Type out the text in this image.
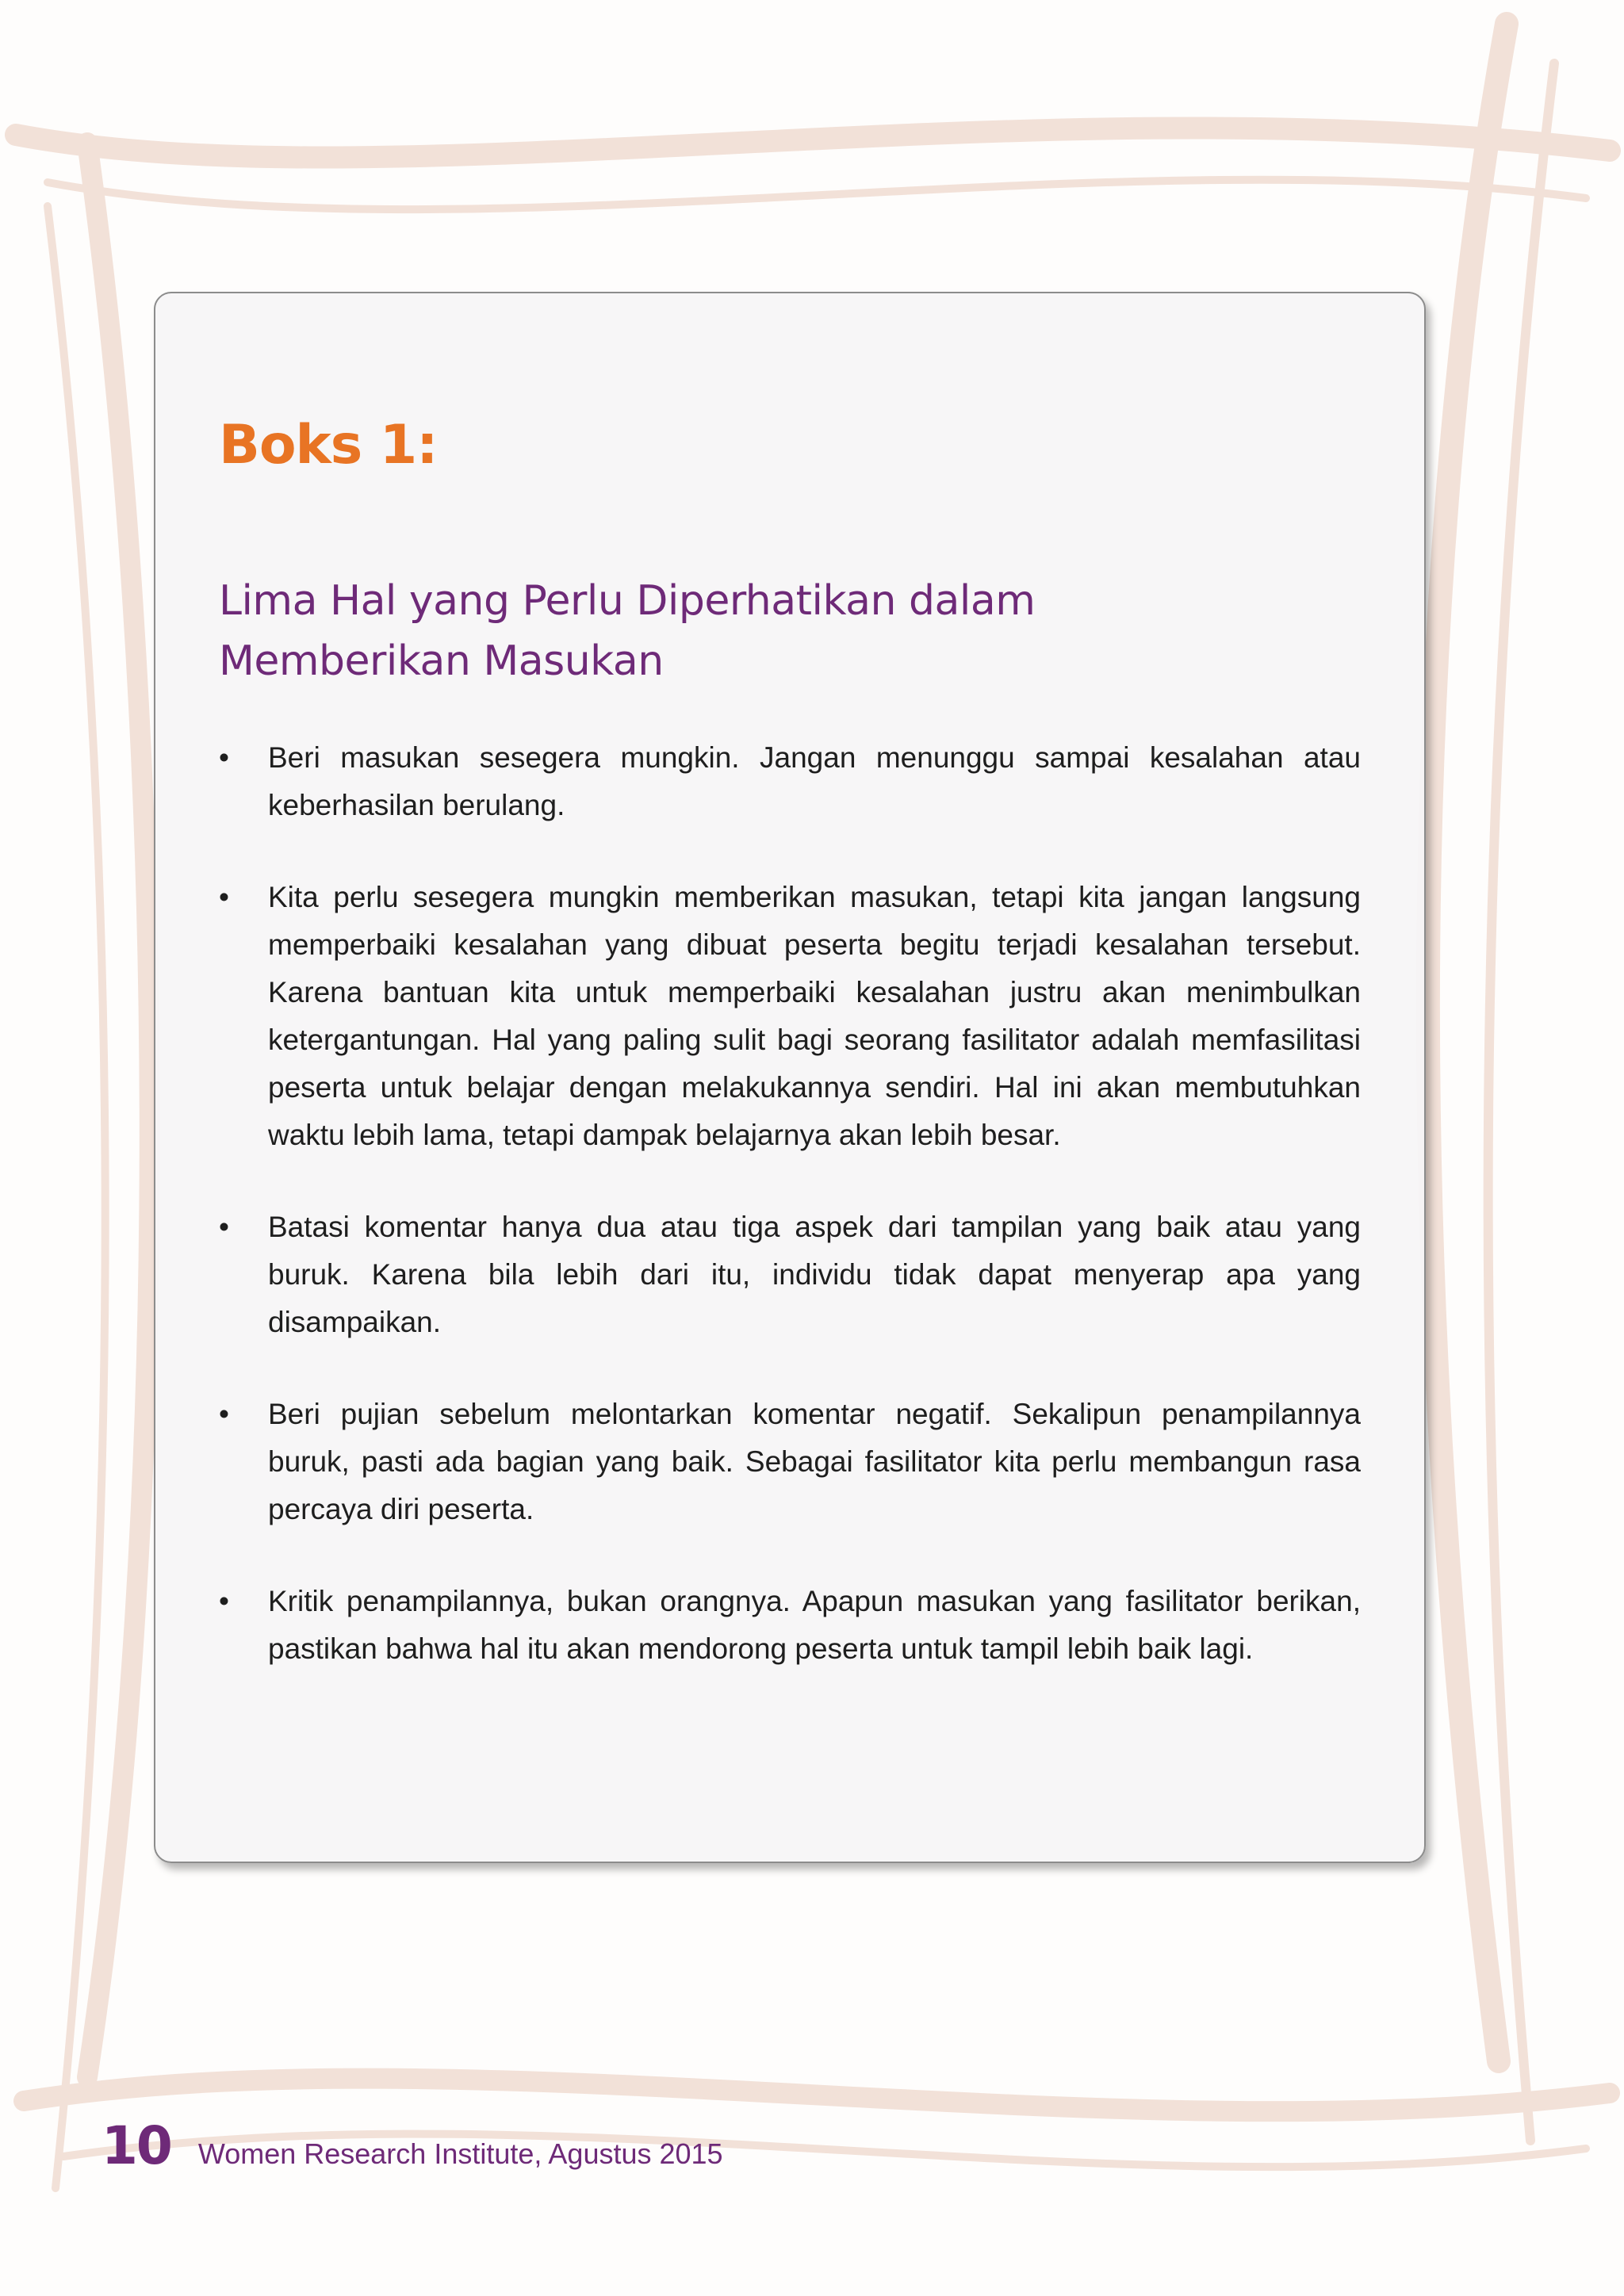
Boks 1:
Lima Hal yang Perlu Diperhatikan dalam
Memberikan Masukan
•	Beri masukan sesegera mungkin. Jangan menunggu sampai kesalahan atau keberhasilan berulang.
•	Kita perlu sesegera mungkin memberikan masukan, tetapi kita jangan langsung memperbaiki kesalahan yang dibuat peserta begitu terjadi kesalahan tersebut. Karena bantuan kita untuk memperbaiki kesalahan justru akan menimbulkan ketergantungan. Hal yang paling sulit bagi seorang fasilitator adalah memfasilitasi peserta untuk belajar dengan melakukannya sendiri. Hal ini akan membutuhkan waktu lebih lama, tetapi dampak belajarnya akan lebih besar.
•	Batasi komentar hanya dua atau tiga aspek dari tampilan yang baik atau yang buruk. Karena bila lebih dari itu, individu tidak dapat menyerap apa yang disampaikan.
•	Beri pujian sebelum melontarkan komentar negatif. Sekalipun penampilannya buruk, pasti ada bagian yang baik. Sebagai fasilitator kita perlu membangun rasa percaya diri peserta.
•	Kritik penampilannya, bukan orangnya. Apapun masukan yang fasilitator berikan, pastikan bahwa hal itu akan mendorong peserta untuk tampil lebih baik lagi.
10 Women Research Institute, Agustus 2015
